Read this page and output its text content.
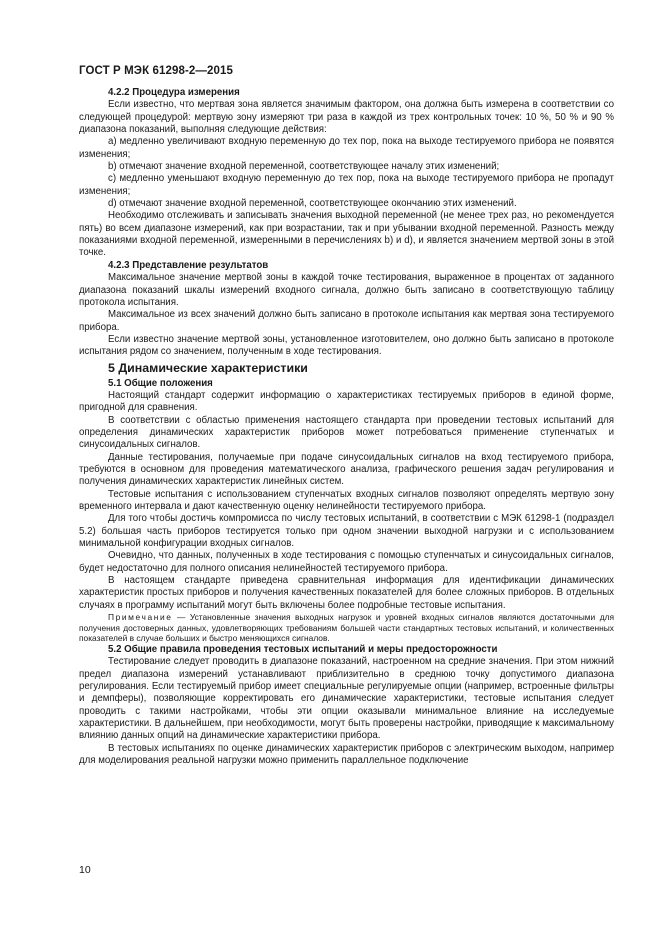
ГОСТ Р МЭК 61298-2—2015
4.2.2 Процедура измерения

Если известно, что мертвая зона является значимым фактором, она должна быть измерена в соответствии со следующей процедурой: мертвую зону измеряют три раза в каждой из трех контрольных точек: 10 %, 50 % и 90 % диапазона показаний, выполняя следующие действия:

a) медленно увеличивают входную переменную до тех пор, пока на выходе тестируемого прибора не появятся изменения;

b) отмечают значение входной переменной, соответствующее началу этих изменений;

c) медленно уменьшают входную переменную до тех пор, пока на выходе тестируемого прибора не пропадут изменения;

d) отмечают значение входной переменной, соответствующее окончанию этих изменений.

Необходимо отслеживать и записывать значения выходной переменной (не менее трех раз, но рекомендуется пять) во всем диапазоне измерений, как при возрастании, так и при убывании входной переменной. Разность между показаниями входной переменной, измеренными в перечислениях b) и d), и является значением мертвой зоны в этой точке.

4.2.3 Представление результатов

Максимальное значение мертвой зоны в каждой точке тестирования, выраженное в процентах от заданного диапазона показаний шкалы измерений входного сигнала, должно быть записано в соответствующую таблицу протокола испытания.

Максимальное из всех значений должно быть записано в протоколе испытания как мертвая зона тестируемого прибора.

Если известно значение мертвой зоны, установленное изготовителем, оно должно быть записано в протоколе испытания рядом со значением, полученным в ходе тестирования.

5 Динамические характеристики
5.1 Общие положения

Настоящий стандарт содержит информацию о характеристиках тестируемых приборов в единой форме, пригодной для сравнения.

В соответствии с областью применения настоящего стандарта при проведении тестовых испытаний для определения динамических характеристик приборов может потребоваться применение ступенчатых и синусоидальных сигналов.

Данные тестирования, получаемые при подаче синусоидальных сигналов на вход тестируемого прибора, требуются в основном для проведения математического анализа, графического решения задач регулирования и получения динамических характеристик линейных систем.

Тестовые испытания с использованием ступенчатых входных сигналов позволяют определять мертвую зону временного интервала и дают качественную оценку нелинейности тестируемого прибора.

Для того чтобы достичь компромисса по числу тестовых испытаний, в соответствии с МЭК 61298-1 (подраздел 5.2) большая часть приборов тестируется только при одном значении выходной нагрузки и с использованием минимальной конфигурации входных сигналов.

Очевидно, что данных, полученных в ходе тестирования с помощью ступенчатых и синусоидальных сигналов, будет недостаточно для полного описания нелинейностей тестируемого прибора.

В настоящем стандарте приведена сравнительная информация для идентификации динамических характеристик простых приборов и получения качественных показателей для более сложных приборов. В отдельных случаях в программу испытаний могут быть включены более подробные тестовые испытания.

Примечание — Установленные значения выходных нагрузок и уровней входных сигналов являются достаточными для получения достоверных данных, удовлетворяющих требованиям большей части стандартных тестовых испытаний, и количественных показателей в случае больших и быстро меняющихся сигналов.

5.2 Общие правила проведения тестовых испытаний и меры предосторожности

Тестирование следует проводить в диапазоне показаний, настроенном на средние значения. При этом нижний предел диапазона измерений устанавливают приблизительно в среднюю точку допустимого диапазона регулирования. Если тестируемый прибор имеет специальные регулируемые опции (например, встроенные фильтры и демпферы), позволяющие корректировать его динамические характеристики, тестовые испытания следует проводить с такими настройками, чтобы эти опции оказывали минимальное влияние на исследуемые характеристики. В дальнейшем, при необходимости, могут быть проверены настройки, приводящие к максимальному влиянию данных опций на динамические характеристики прибора.

В тестовых испытаниях по оценке динамических характеристик приборов с электрическим выходом, например для моделирования реальной нагрузки можно применить параллельное подключение

10
